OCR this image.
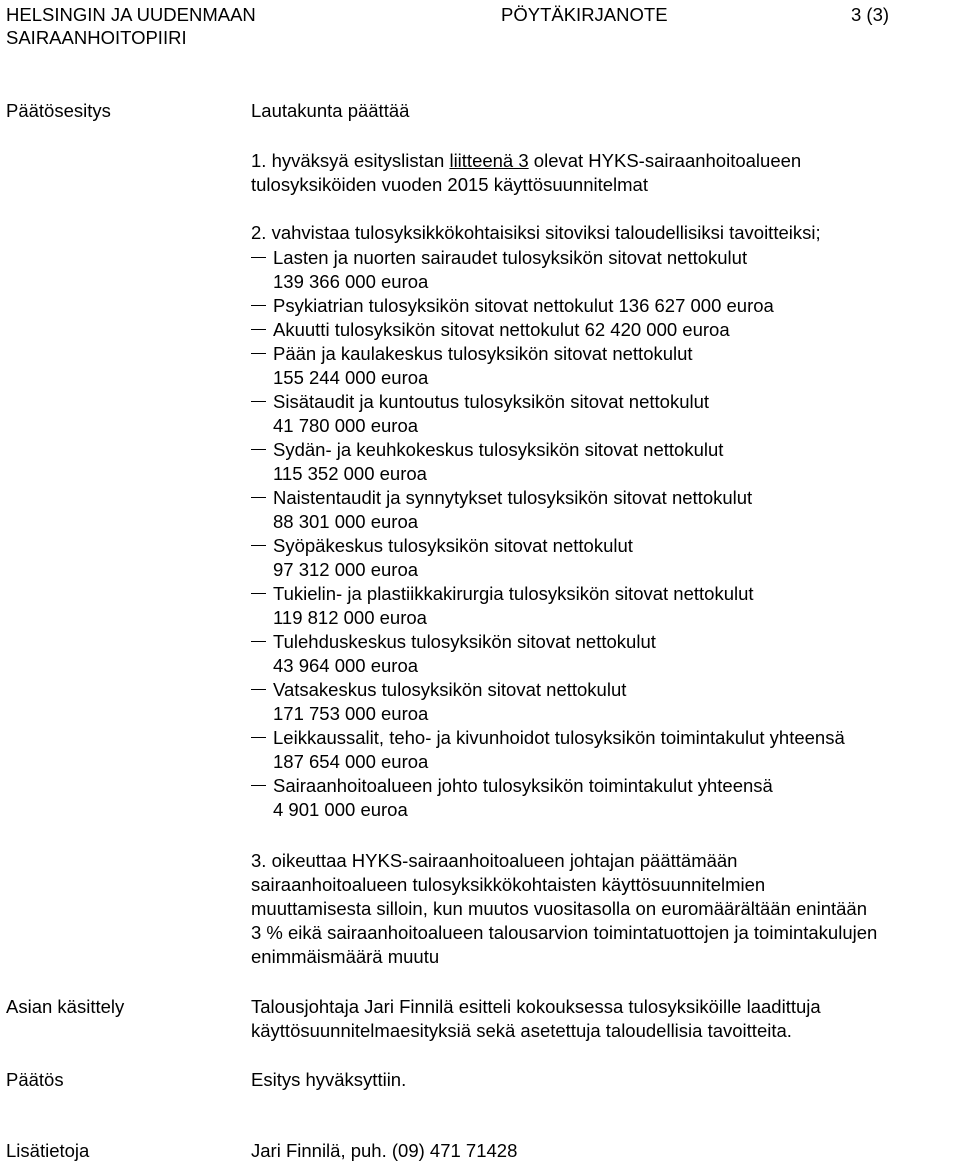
HELSINGIN JA UUDENMAAN
SAIRAANHOITOPIIRI
PÖYTÄKIRJANOTE	3 (3)
Päätösesitys	Lautakunta päättää
1. hyväksyä esityslistan liitteenä 3 olevat HYKS-sairaanhoitoalueen
tulosyksiköiden vuoden 2015 käyttösuunnitelmat
2. vahvistaa tulosyksikkökohtaisiksi sitoviksi taloudellisiksi tavoitteiksi;
Lasten ja nuorten sairaudet tulosyksikön sitovat nettokulut
139 366 000 euroa
Psykiatrian tulosyksikön sitovat nettokulut 136 627 000 euroa
Akuutti tulosyksikön sitovat nettokulut 62 420 000 euroa
Pään ja kaulakeskus tulosyksikön sitovat nettokulut
155 244 000 euroa
Sisätaudit ja kuntoutus tulosyksikön sitovat nettokulut
41 780 000 euroa
Sydän- ja keuhkokeskus tulosyksikön sitovat nettokulut
115 352 000 euroa
Naistentaudit ja synnytykset tulosyksikön sitovat nettokulut
88 301 000 euroa
Syöpäkeskus tulosyksikön sitovat nettokulut
97 312 000 euroa
Tukielin- ja plastiikkakirurgia tulosyksikön sitovat nettokulut
119 812 000 euroa
Tulehduskeskus tulosyksikön sitovat nettokulut
43 964 000 euroa
Vatsakeskus tulosyksikön sitovat nettokulut
171 753 000 euroa
Leikkaussalit, teho- ja kivunhoidot tulosyksikön toimintakulut yhteensä
187 654 000 euroa
Sairaanhoitoalueen johto tulosyksikön toimintakulut yhteensä
4 901 000 euroa
3. oikeuttaa HYKS-sairaanhoitoalueen johtajan päättämään
sairaanhoitoalueen tulosyksikkökohtaisten käyttösuunnitelmien
muuttamisesta silloin, kun muutos vuositasolla on euromäärältään enintään
3 % eikä sairaanhoitoalueen talousarvion toimintatuottojen ja toimintakulujen
enimmäismäärä muutu
Asian käsittely	Talousjohtaja Jari Finnilä esitteli kokouksessa tulosyksiköille laadittuja
käyttösuunnitelmaesityksiä sekä asetettuja taloudellisia tavoitteita.
Päätös	Esitys hyväksyttiin.
Lisätietoja	Jari Finnilä, puh. (09) 471 71428
